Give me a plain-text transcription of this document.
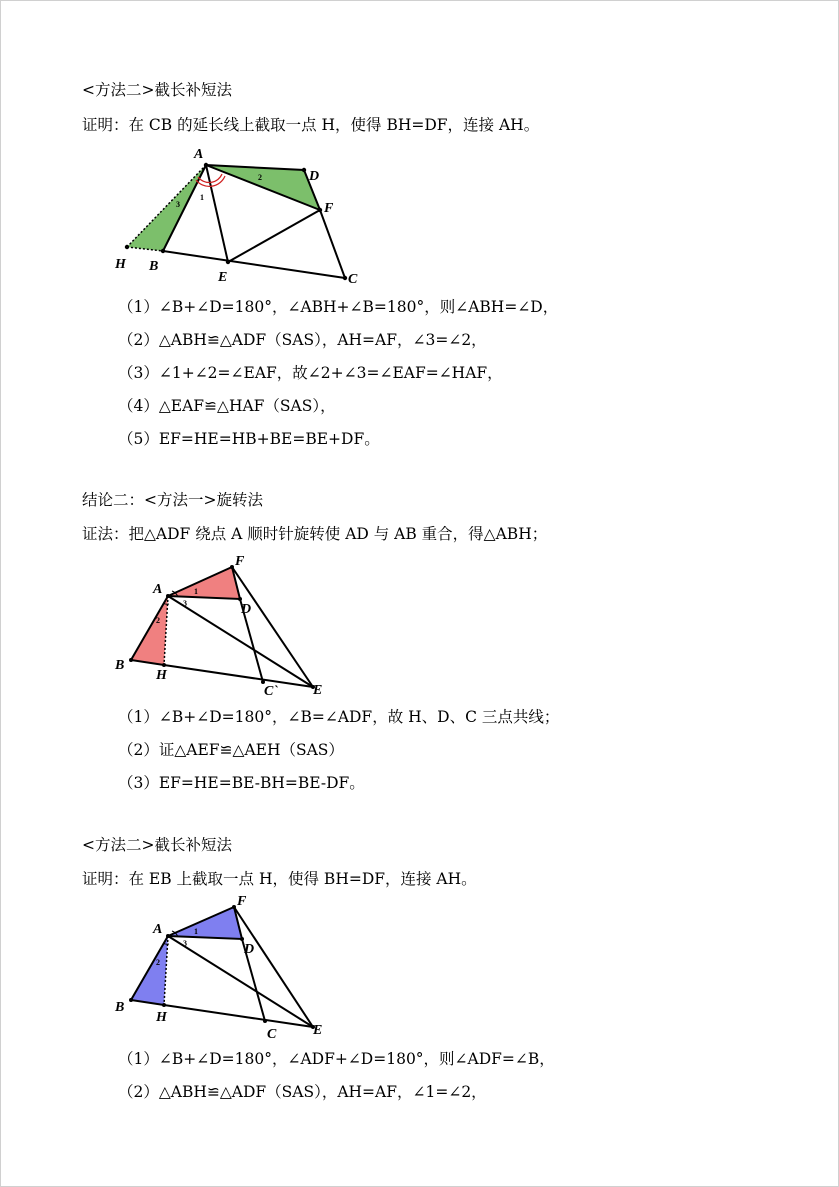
<方法二>截长补短法
证明：在 CB 的延长线上截取一点 H，使得 BH=DF，连接 AH。
A
D
F
H B
E	C
1
2
3
（1）∠B+∠D=180°，∠ABH+∠B=180°，则∠ABH=∠D，
（2）△ABH≌△ADF（SAS），AH=AF，∠3=∠2，
（3）∠1+∠2=∠EAF，故∠2+∠3=∠EAF=∠HAF，
（4）△EAF≌△HAF（SAS），
（5）EF=HE=HB+BE=BE+DF。
结论二：<方法一>旋转法
证法：把△ADF 绕点 A 顺时针旋转使 AD 与 AB 重合，得△ABH；
F
A
D
B
H
C`	E
1
2
3
（1）∠B+∠D=180°，∠B=∠ADF，故 H、D、C 三点共线；
（2）证△AEF≌△AEH（SAS）
（3）EF=HE=BE-BH=BE-DF。
<方法二>截长补短法
证明：在 EB 上截取一点 H，使得 BH=DF，连接 AH。
F
A
D
B
H
C	E
1
2
3
（1）∠B+∠D=180°，∠ADF+∠D=180°，则∠ADF=∠B，
（2）△ABH≌△ADF（SAS），AH=AF，∠1=∠2，
